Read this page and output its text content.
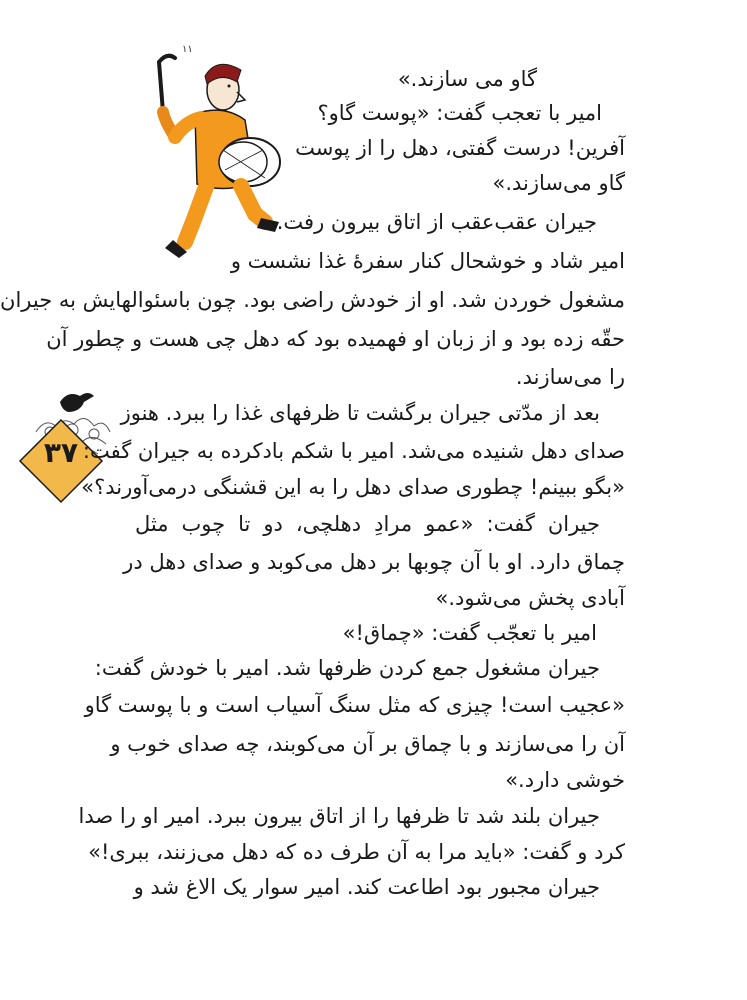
۱۱
۳۷
گاو می سازند.»
امیر با تعجب گفت: «پوست گاو؟
آفرین! درست گفتی، دهل را از پوست
گاو می‌سازند.»
جیران عقب‌عقب از اتاق بیرون رفت.
امیر شاد و خوشحال کنار سفرهٔ غذا نشست و
مشغول خوردن شد. او از خودش راضی بود. چون باسئوالهایش به جیران
حقّه زده بود و از زبان او فهمیده بود که دهل چی هست و چطور آن
را می‌سازند.
بعد از مدّتی جیران برگشت تا ظرفهای غذا را ببرد. هنوز
صدای دهل شنیده می‌شد. امیر با شکم بادکرده به جیران گفت:
«بگو ببینم! چطوری صدای دهل را به این قشنگی درمی‌آورند؟»
جیران گفت: «عمو مرادِ دهلچی، دو تا چوب مثل
چماق دارد. او با آن چوبها بر دهل می‌کوبد و صدای دهل در
آبادی پخش می‌شود.»
امیر با تعجّب گفت: «چماق!»
جیران مشغول جمع کردن ظرفها شد. امیر با خودش گفت:
«عجیب است! چیزی که مثل سنگ آسیاب است و با پوست گاو
آن را می‌سازند و با چماق بر آن می‌کوبند، چه صدای خوب و
خوشی دارد.»
جیران بلند شد تا ظرفها را از اتاق بیرون ببرد. امیر او را صدا
کرد و گفت: «باید مرا به آن طرف ده که دهل می‌زنند، ببری!»
جیران مجبور بود اطاعت کند. امیر سوار یک الاغ شد و
